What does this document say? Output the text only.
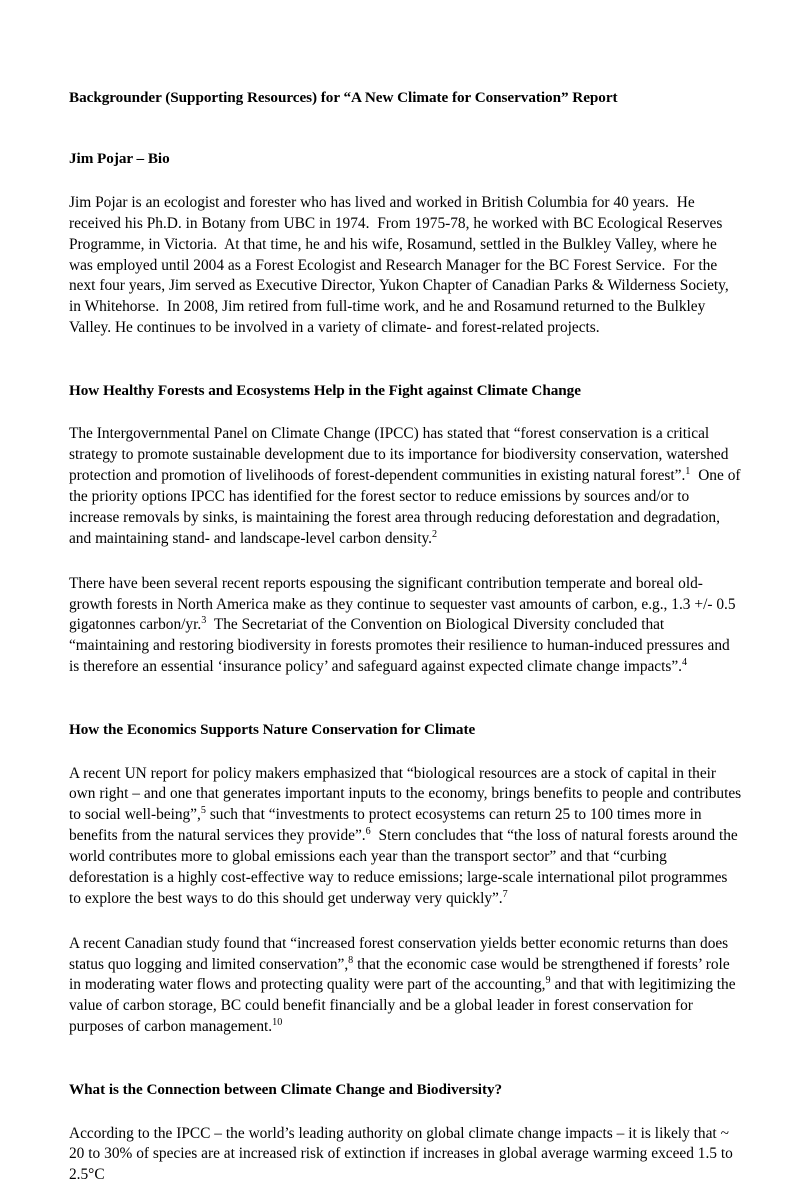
Backgrounder (Supporting Resources) for “A New Climate for Conservation” Report
Jim Pojar – Bio

Jim Pojar is an ecologist and forester who has lived and worked in British Columbia for 40 years.  He received his Ph.D. in Botany from UBC in 1974.  From 1975-78, he worked with BC Ecological Reserves Programme, in Victoria.  At that time, he and his wife, Rosamund, settled in the Bulkley Valley, where he was employed until 2004 as a Forest Ecologist and Research Manager for the BC Forest Service.  For the next four years, Jim served as Executive Director, Yukon Chapter of Canadian Parks & Wilderness Society, in Whitehorse.  In 2008, Jim retired from full-time work, and he and Rosamund returned to the Bulkley Valley. He continues to be involved in a variety of climate- and forest-related projects.

How Healthy Forests and Ecosystems Help in the Fight against Climate Change

The Intergovernmental Panel on Climate Change (IPCC) has stated that “forest conservation is a critical strategy to promote sustainable development due to its importance for biodiversity conservation, watershed protection and promotion of livelihoods of forest-dependent communities in existing natural forest”.$^1$  One of the priority options IPCC has identified for the forest sector to reduce emissions by sources and/or to increase removals by sinks, is maintaining the forest area through reducing deforestation and degradation, and maintaining stand- and landscape-level carbon density.$^2$

There have been several recent reports espousing the significant contribution temperate and boreal old-growth forests in North America make as they continue to sequester vast amounts of carbon, e.g., 1.3 +/- 0.5 gigatonnes carbon/yr.$^3$  The Secretariat of the Convention on Biological Diversity concluded that “maintaining and restoring biodiversity in forests promotes their resilience to human-induced pressures and is therefore an essential ‘insurance policy’ and safeguard against expected climate change impacts”.$^4$

How the Economics Supports Nature Conservation for Climate

A recent UN report for policy makers emphasized that “biological resources are a stock of capital in their own right – and one that generates important inputs to the economy, brings benefits to people and contributes to social well-being”,$^5$ such that “investments to protect ecosystems can return 25 to 100 times more in benefits from the natural services they provide”.$^6$  Stern concludes that “the loss of natural forests around the world contributes more to global emissions each year than the transport sector” and that “curbing deforestation is a highly cost-effective way to reduce emissions; large-scale international pilot programmes to explore the best ways to do this should get underway very quickly”.$^7$

A recent Canadian study found that “increased forest conservation yields better economic returns than does status quo logging and limited conservation”,$^8$ that the economic case would be strengthened if forests’ role in moderating water flows and protecting quality were part of the accounting,$^9$ and that with legitimizing the value of carbon storage, BC could benefit financially and be a global leader in forest conservation for purposes of carbon management.$^{10}$

What is the Connection between Climate Change and Biodiversity?

According to the IPCC – the world’s leading authority on global climate change impacts – it is likely that ~ 20 to 30% of species are at increased risk of extinction if increases in global average warming exceed 1.5 to 2.5°C
